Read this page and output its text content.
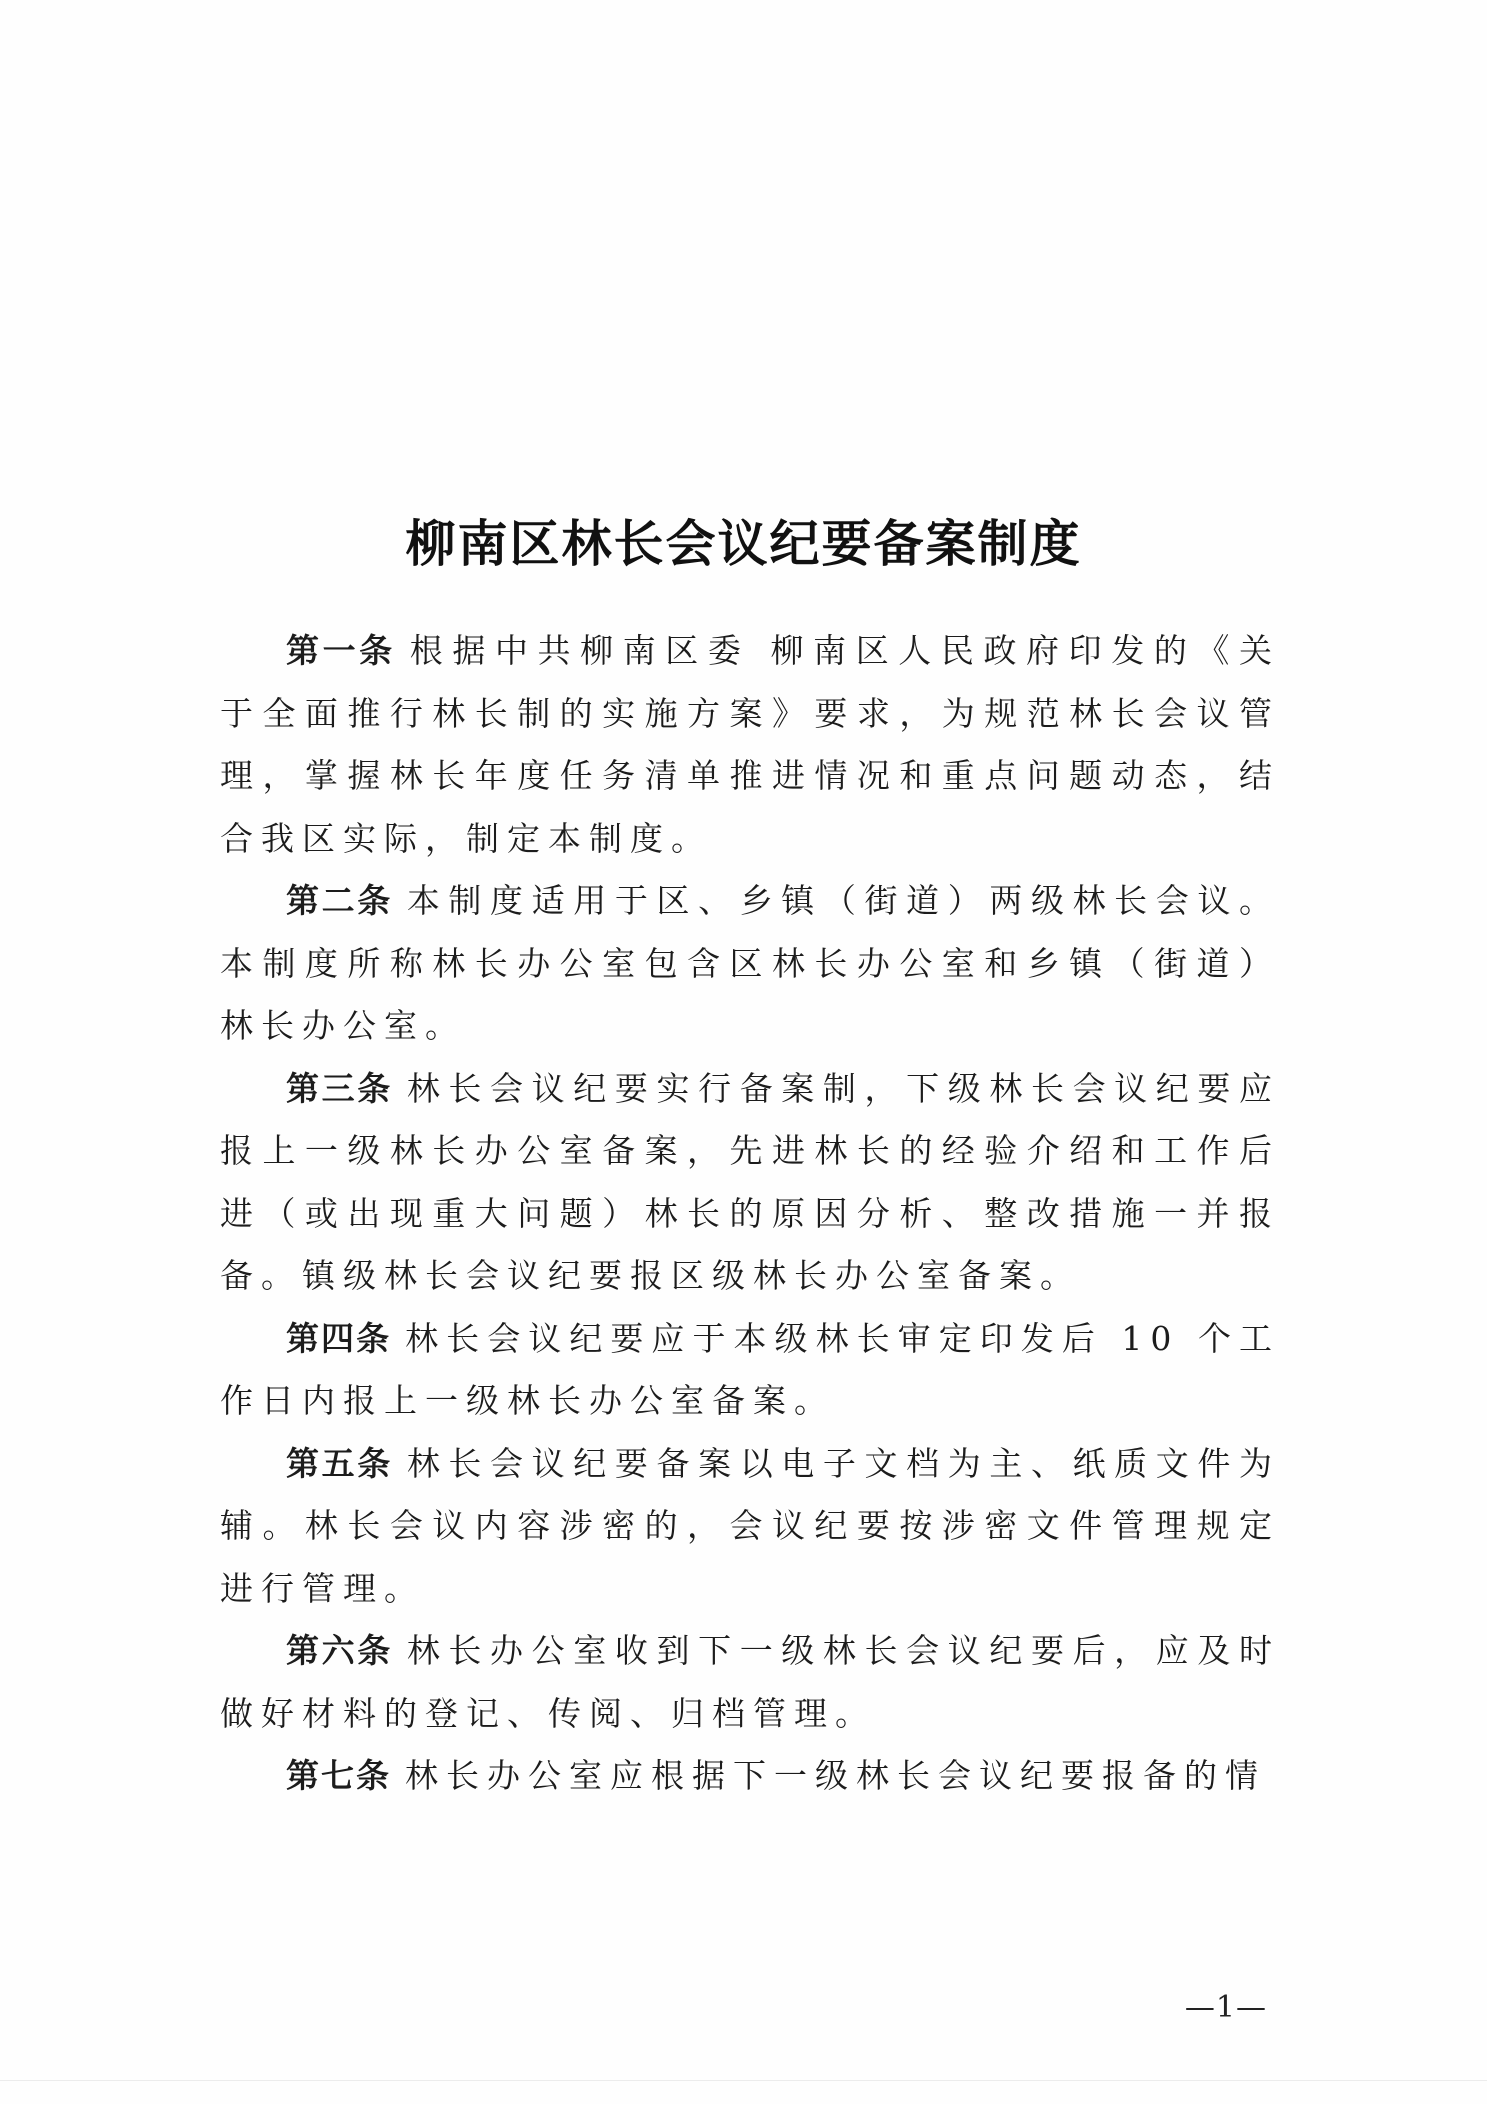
柳南区林长会议纪要备案制度

第一条 根据中共柳南区委 柳南区人民政府印发的《关于全面推行林长制的实施方案》要求，为规范林长会议管理，掌握林长年度任务清单推进情况和重点问题动态，结合我区实际，制定本制度。

第二条 本制度适用于区、乡镇（街道）两级林长会议。本制度所称林长办公室包含区林长办公室和乡镇（街道）林长办公室。

第三条 林长会议纪要实行备案制，下级林长会议纪要应报上一级林长办公室备案，先进林长的经验介绍和工作后进（或出现重大问题）林长的原因分析、整改措施一并报备。镇级林长会议纪要报区级林长办公室备案。

第四条 林长会议纪要应于本级林长审定印发后 10 个工作日内报上一级林长办公室备案。

第五条 林长会议纪要备案以电子文档为主、纸质文件为辅。林长会议内容涉密的，会议纪要按涉密文件管理规定进行管理。

第六条 林长办公室收到下一级林长会议纪要后，应及时做好材料的登记、传阅、归档管理。

第七条 林长办公室应根据下一级林长会议纪要报备的情

—1—
